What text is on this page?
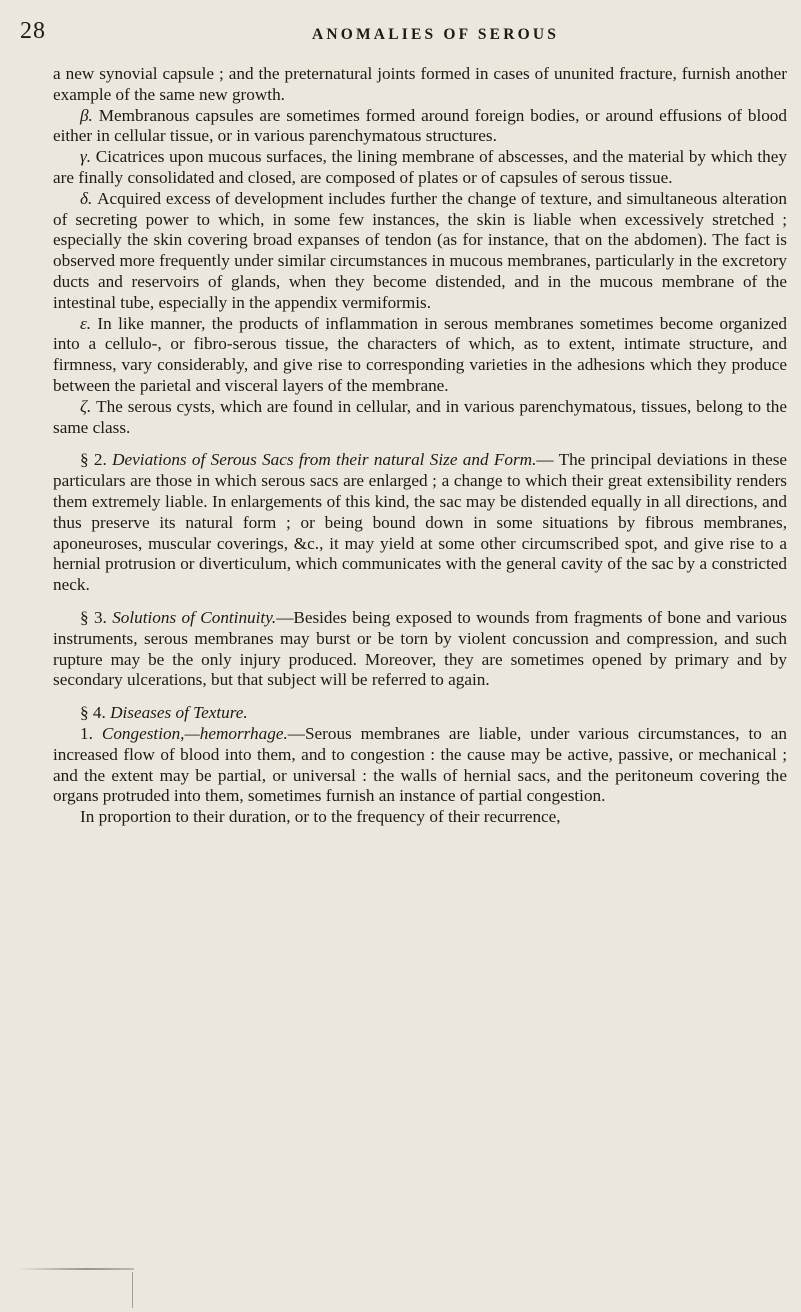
28	ANOMALIES OF SEROUS

a new synovial capsule ; and the preternatural joints formed in cases of ununited fracture, furnish another example of the same new growth.

β. Membranous capsules are sometimes formed around foreign bodies, or around effusions of blood either in cellular tissue, or in various parenchymatous structures.

γ. Cicatrices upon mucous surfaces, the lining membrane of abscesses, and the material by which they are finally consolidated and closed, are composed of plates or of capsules of serous tissue.

δ. Acquired excess of development includes further the change of texture, and simultaneous alteration of secreting power to which, in some few instances, the skin is liable when excessively stretched ; especially the skin covering broad expanses of tendon (as for instance, that on the abdomen). The fact is observed more frequently under similar circumstances in mucous membranes, particularly in the excretory ducts and reservoirs of glands, when they become distended, and in the mucous membrane of the intestinal tube, especially in the appendix vermiformis.

ε. In like manner, the products of inflammation in serous membranes sometimes become organized into a cellulo-, or fibro-serous tissue, the characters of which, as to extent, intimate structure, and firmness, vary considerably, and give rise to corresponding varieties in the adhesions which they produce between the parietal and visceral layers of the membrane.

ζ. The serous cysts, which are found in cellular, and in various parenchymatous, tissues, belong to the same class.

§ 2. Deviations of Serous Sacs from their natural Size and Form.— The principal deviations in these particulars are those in which serous sacs are enlarged ; a change to which their great extensibility renders them extremely liable. In enlargements of this kind, the sac may be distended equally in all directions, and thus preserve its natural form ; or being bound down in some situations by fibrous membranes, aponeuroses, muscular coverings, &c., it may yield at some other circumscribed spot, and give rise to a hernial protrusion or diverticulum, which communicates with the general cavity of the sac by a constricted neck.

§ 3. Solutions of Continuity.—Besides being exposed to wounds from fragments of bone and various instruments, serous membranes may burst or be torn by violent concussion and compression, and such rupture may be the only injury produced. Moreover, they are sometimes opened by primary and by secondary ulcerations, but that subject will be referred to again.

§ 4. Diseases of Texture.

1. Congestion,—hemorrhage.—Serous membranes are liable, under various circumstances, to an increased flow of blood into them, and to congestion : the cause may be active, passive, or mechanical ; and the extent may be partial, or universal : the walls of hernial sacs, and the peritoneum covering the organs protruded into them, sometimes furnish an instance of partial congestion.

In proportion to their duration, or to the frequency of their recurrence,
